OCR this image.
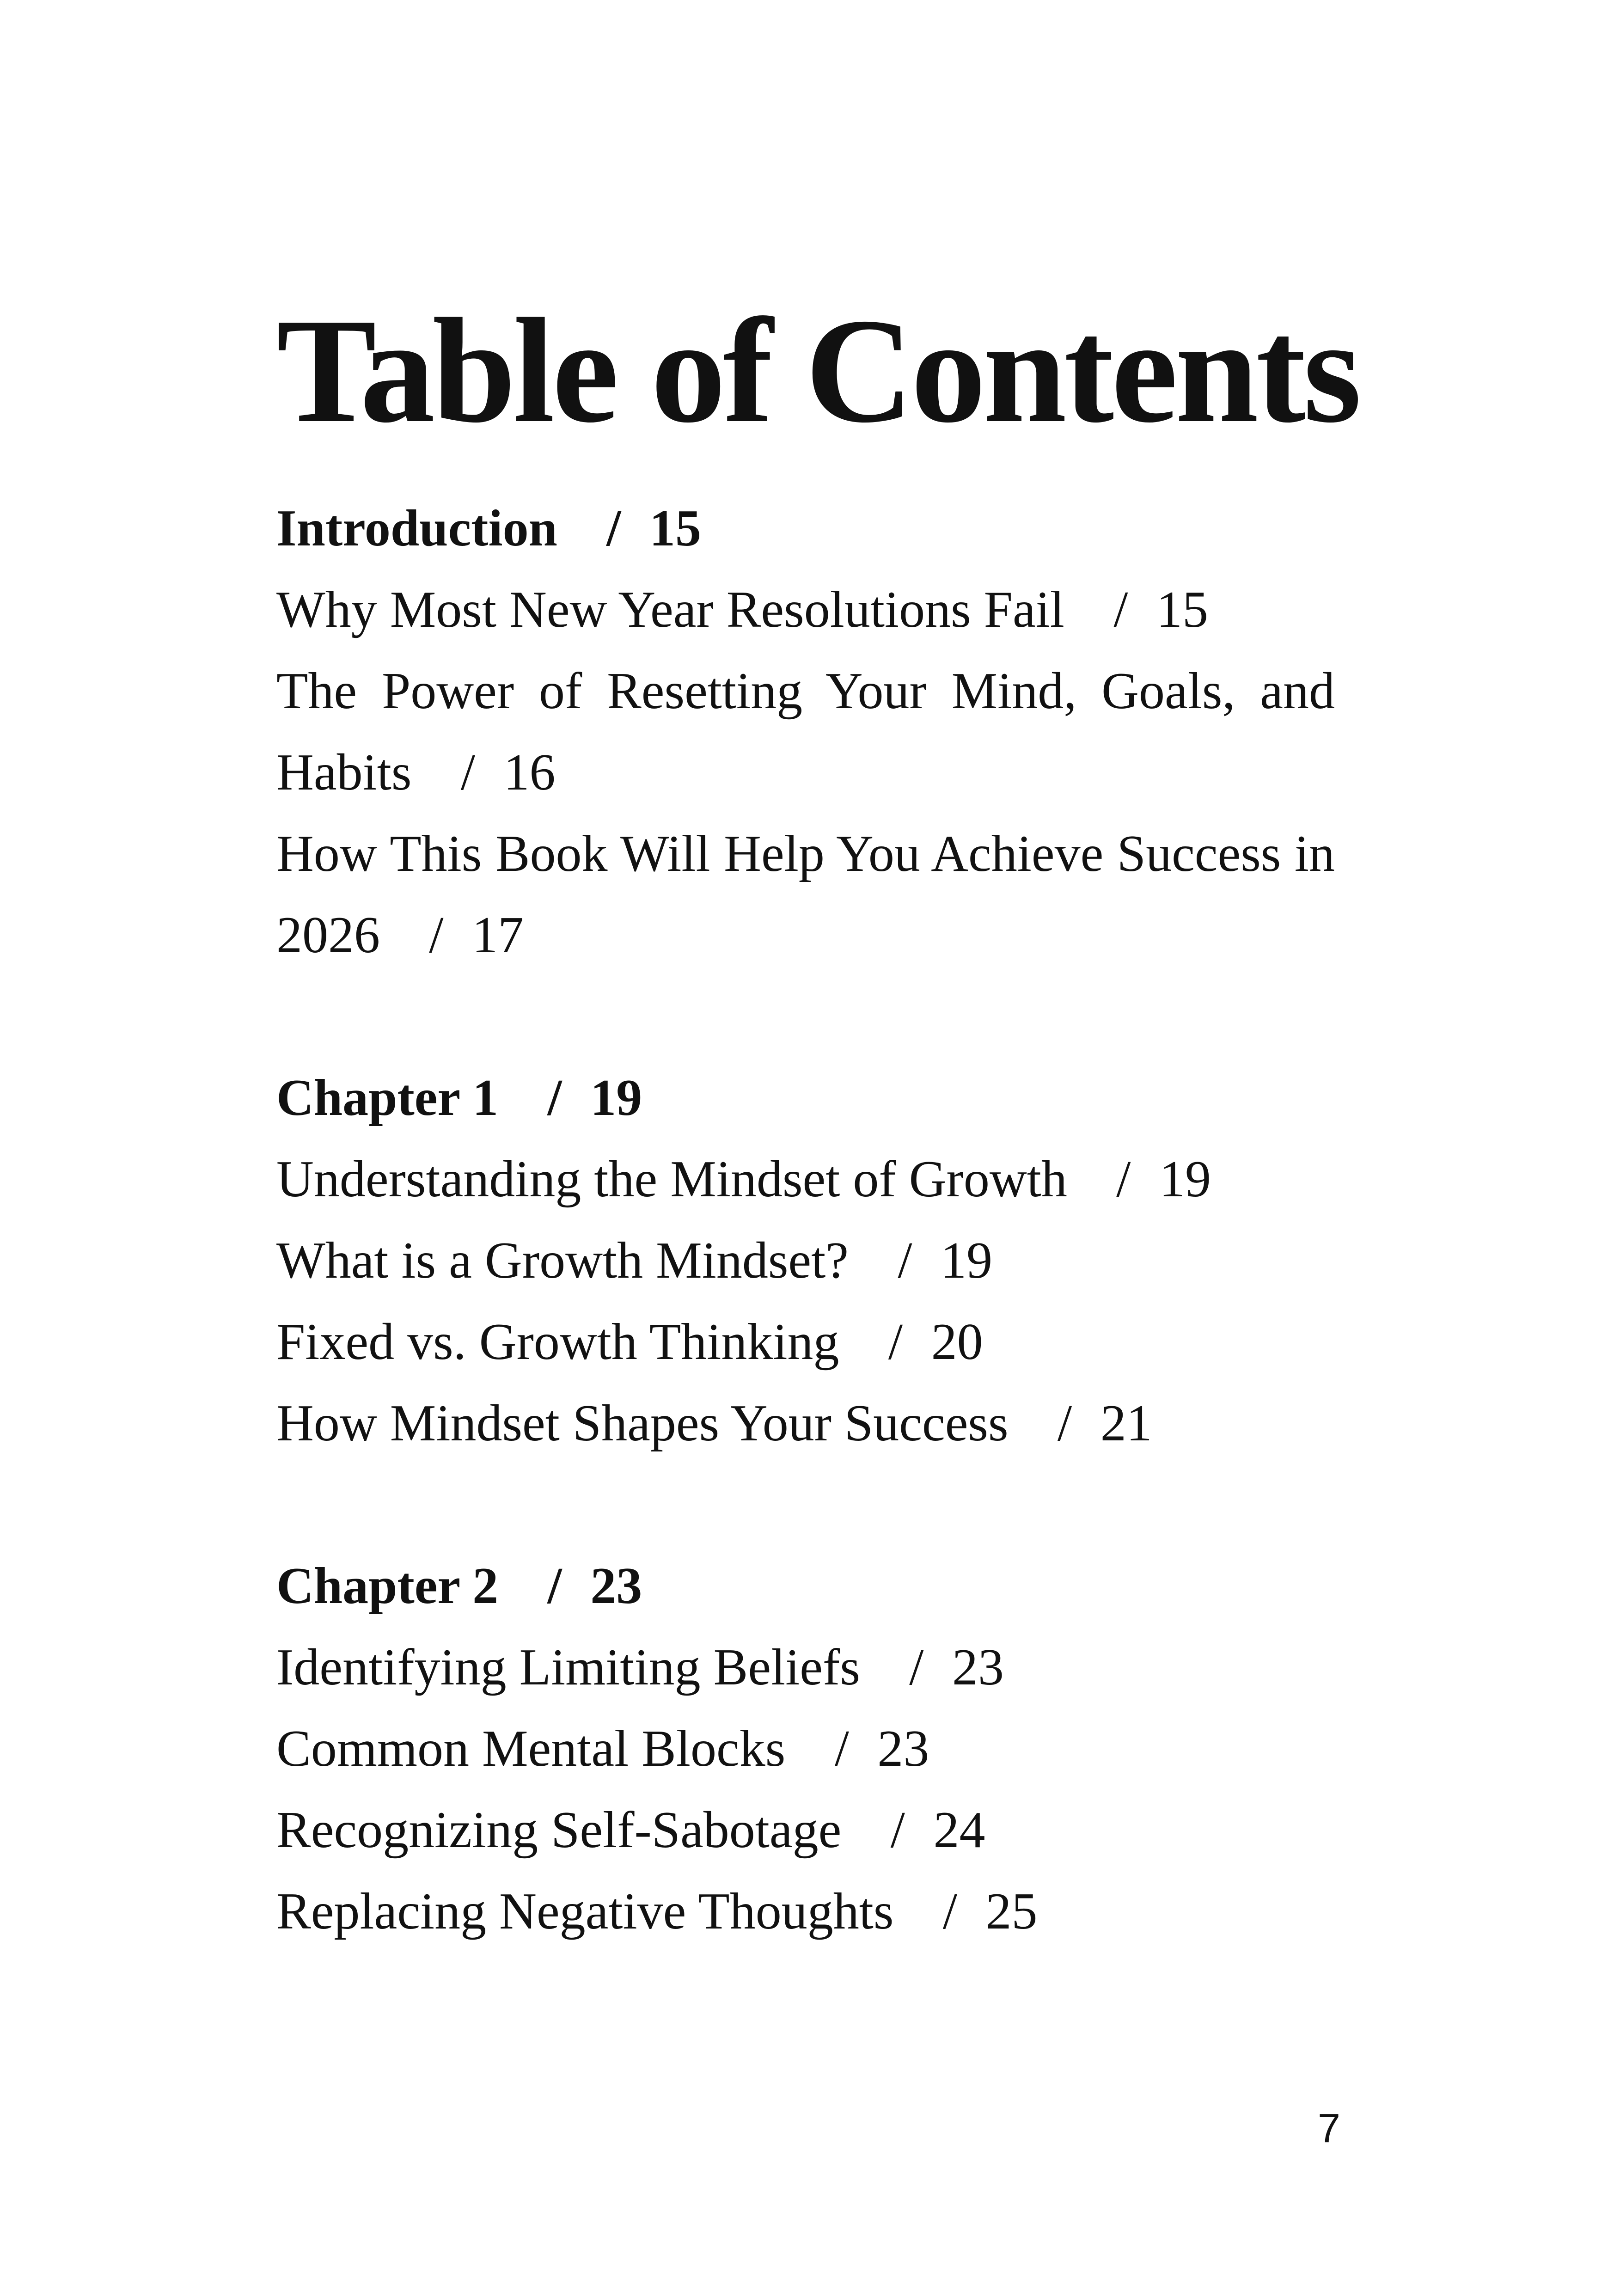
Table of Contents
Introduction / 15
Why Most New Year Resolutions Fail / 15
The Power of Resetting Your Mind, Goals, and Habits / 16
How This Book Will Help You Achieve Success in 2026 / 17
Chapter 1 / 19
Understanding the Mindset of Growth / 19
What is a Growth Mindset? / 19
Fixed vs. Growth Thinking / 20
How Mindset Shapes Your Success / 21
Chapter 2 / 23
Identifying Limiting Beliefs / 23
Common Mental Blocks / 23
Recognizing Self-Sabotage / 24
Replacing Negative Thoughts / 25
7
